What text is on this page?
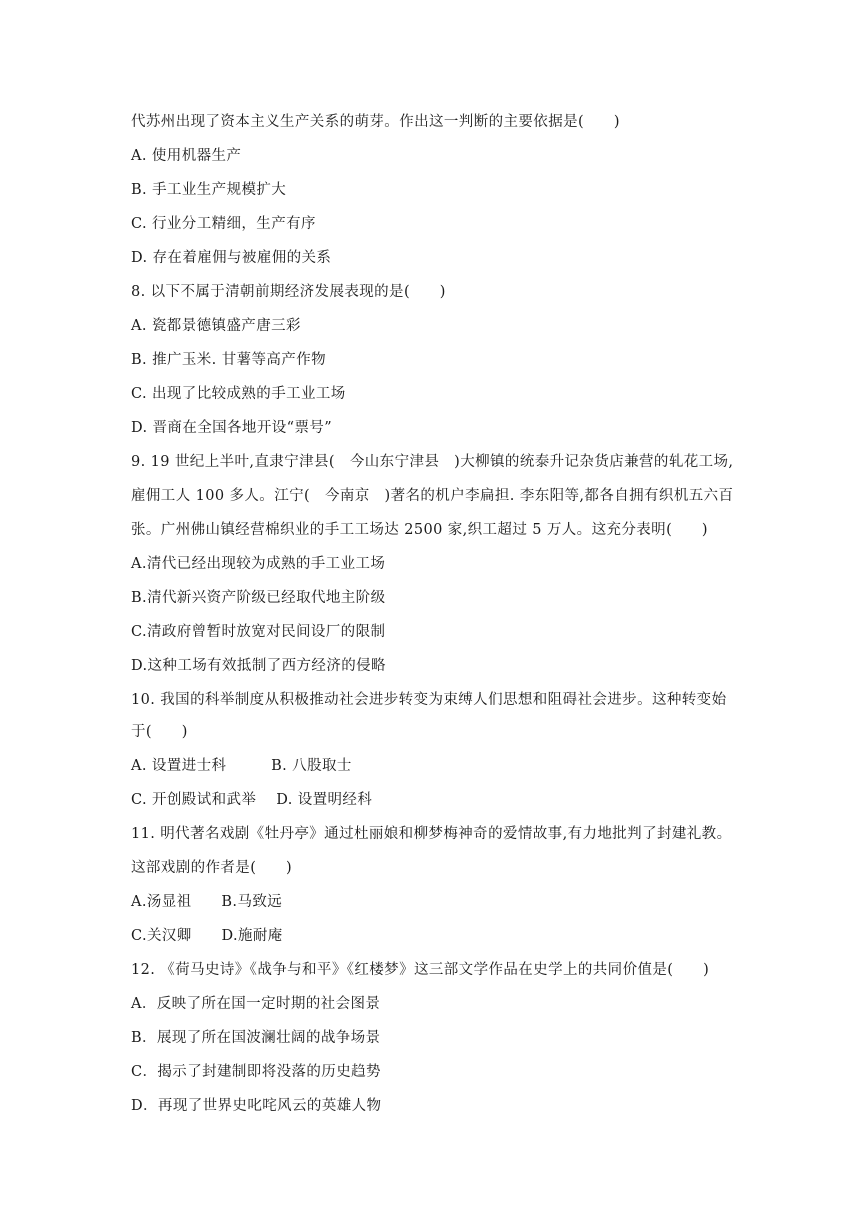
代苏州出现了资本主义生产关系的萌芽。作出这一判断的主要依据是(　　)
A. 使用机器生产
B. 手工业生产规模扩大
C. 行业分工精细，生产有序
D. 存在着雇佣与被雇佣的关系
8. 以下不属于清朝前期经济发展表现的是(　　)
A. 瓷都景德镇盛产唐三彩
B. 推广玉米. 甘薯等高产作物
C. 出现了比较成熟的手工业工场
D. 晋商在全国各地开设“票号”
9. 19 世纪上半叶,直隶宁津县(　今山东宁津县　)大柳镇的统泰升记杂货店兼营的轧花工场,
雇佣工人 100 多人。江宁(　今南京　)著名的机户李扁担. 李东阳等,都各自拥有织机五六百
张。广州佛山镇经营棉织业的手工工场达 2500 家,织工超过 5 万人。这充分表明(　　)
A.清代已经出现较为成熟的手工业工场
B.清代新兴资产阶级已经取代地主阶级
C.清政府曾暂时放宽对民间设厂的限制
D.这种工场有效抵制了西方经济的侵略
10. 我国的科举制度从积极推动社会进步转变为束缚人们思想和阻碍社会进步。这种转变始
于(　　)
A. 设置进士科　　　B. 八股取士
C. 开创殿试和武举　 D. 设置明经科
11. 明代著名戏剧《牡丹亭》通过杜丽娘和柳梦梅神奇的爱情故事,有力地批判了封建礼教。
这部戏剧的作者是(　　)
A.汤显祖　　B.马致远
C.关汉卿　　D.施耐庵
12. 《荷马史诗》《战争与和平》《红楼梦》这三部文学作品在史学上的共同价值是(　　)
A．反映了所在国一定时期的社会图景
B．展现了所在国波澜壮阔的战争场景
C．揭示了封建制即将没落的历史趋势
D．再现了世界史叱咤风云的英雄人物
